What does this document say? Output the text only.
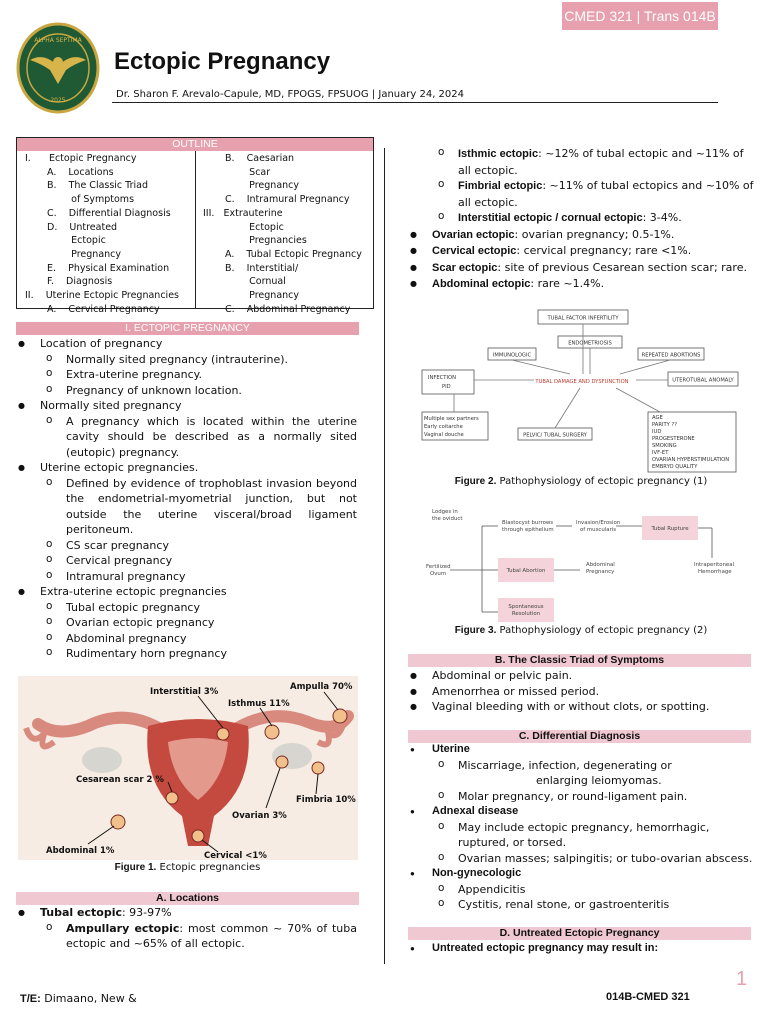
CMED 321 | Trans 014B
ALPHA SEPTIMA
2025
Ectopic Pregnancy
Dr. Sharon F. Arevalo-Capule, MD, FPOGS, FPSUOG | January 24, 2024
OUTLINE
I.      Ectopic Pregnancy
A.    Locations
B.    The Classic Triad
of Symptoms
C.    Differential Diagnosis
D.    Untreated
Ectopic
Pregnancy
E.    Physical Examination
F.    Diagnosis
II.    Uterine Ectopic Pregnancies
A.    Cervical Pregnancy
B.    Caesarian
Scar
Pregnancy
C.    Intramural Pregnancy
III.   Extrauterine
Ectopic
Pregnancies
A.    Tubal Ectopic Pregnancy
B.    Interstitial/
Cornual
Pregnancy
C.    Abdominal Pregnancy
I. ECTOPIC PREGNANCY
● Location of pregnancy
o Normally sited pregnancy (intrauterine).
o Extra-uterine pregnancy.
o Pregnancy of unknown location.
● Normally sited pregnancy
o A pregnancy which is located within the uterine cavity should be described as a normally sited (eutopic) pregnancy.
● Uterine ectopic pregnancies.
o Defined by evidence of trophoblast invasion beyond the endometrial-myometrial junction, but not outside the uterine visceral/broad ligament peritoneum.
o CS scar pregnancy
o Cervical pregnancy
o Intramural pregnancy
● Extra-uterine ectopic pregnancies
o Tubal ectopic pregnancy
o Ovarian ectopic pregnancy
o Abdominal pregnancy
o Rudimentary horn pregnancy
Interstitial 3%
Isthmus 11%
Ampulla 70%
Cesarean scar 2 %
Ovarian 3%
Fimbria 10%
Abdominal 1%	Cervical <1%
Figure 1. Ectopic pregnancies
A. Locations
● Tubal ectopic: 93-97%
o Ampullary ectopic: most common ~ 70% of tuba ectopic and ~65% of all ectopic.
o Isthmic ectopic: ~12% of tubal ectopic and ~11% of all ectopic.
o Fimbrial ectopic: ~11% of tubal ectopics and ~10% of all ectopic.
o Interstitial ectopic / cornual ectopic: 3-4%.
● Ovarian ectopic: ovarian pregnancy; 0.5-1%.
● Cervical ectopic: cervical pregnancy; rare <1%.
● Scar ectopic: site of previous Cesarean section scar; rare.
● Abdominal ectopic: rare ~1.4%.
TUBAL FACTOR INFERTILITY
ENDOMETRIOSIS
IMMUNOLOGIC	REPEATED ABORTIONS
INFECTION
PID
TUBAL DAMAGE AND DYSFUNCTION	UTEROTUBAL ANOMALY
Multiple sex partners
Early coitarche
Vaginal douche	PELVIC/ TUBAL SURGERY
AGE
PARITY ??
IUD
PROGESTERONE
SMOKING
IVF-ET
OVARIAN HYPERSTIMULATION
EMBRYO QUALITY
Figure 2. Pathophysiology of ectopic pregnancy (1)
Lodges in
the oviduct
Blastocyst burrows
through epithelium
Invasion/Erosion
of muscularis	Tubal Rupture
Fertilized
Ovum	Tubal Abortion
Abdominal
Pregnancy
Intraperitoneal
Hemorrhage
Spontaneous
Resolution
Figure 3. Pathophysiology of ectopic pregnancy (2)
B. The Classic Triad of Symptoms
● Abdominal or pelvic pain.
● Amenorrhea or missed period.
● Vaginal bleeding with or without clots, or spotting.
C. Differential Diagnosis
● Uterine
o Miscarriage, infection, degenerating or
enlarging leiomyomas.
o Molar pregnancy, or round-ligament pain.
● Adnexal disease
o May include ectopic pregnancy, hemorrhagic, ruptured, or torsed.
o Ovarian masses; salpingitis; or tubo-ovarian abscess.
● Non-gynecologic
o Appendicitis
o Cystitis, renal stone, or gastroenteritis
D. Untreated Ectopic Pregnancy
● Untreated ectopic pregnancy may result in:
T/E: Dimaano, New &	014B-CMED 321
1
